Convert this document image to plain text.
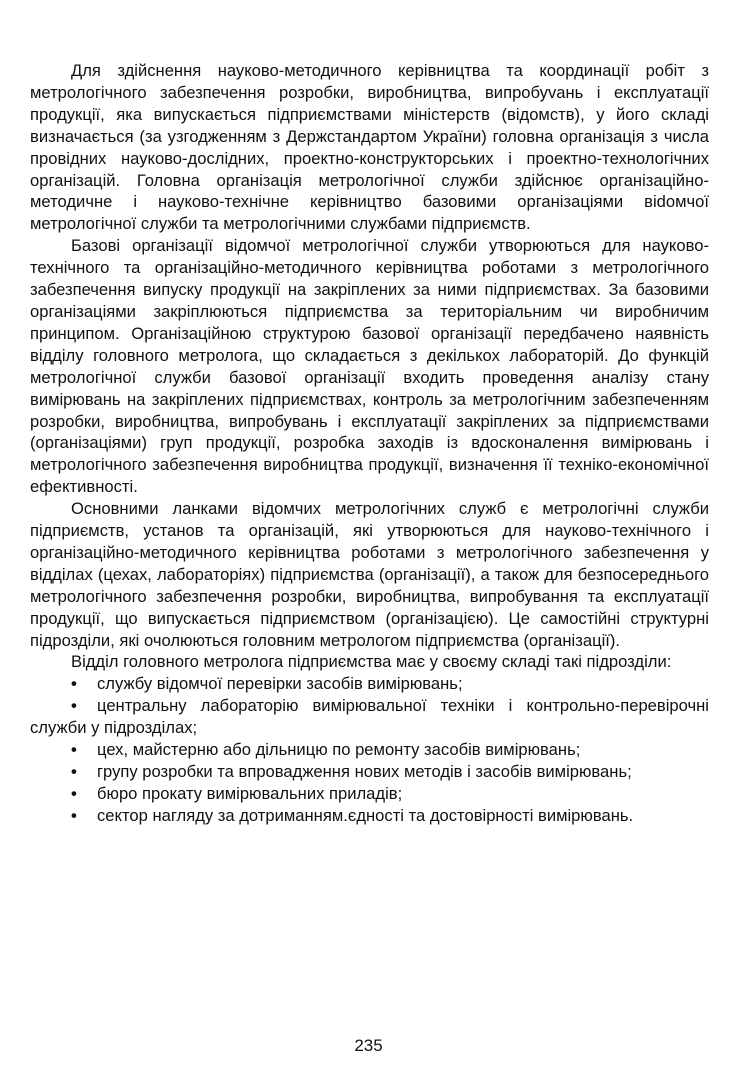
Для здійснення науково-методичного керівництва та координації робіт з метрологічного забезпечення розробки, виробництва, випробуvань і експлуатації продукції, яка випускається підприємствами міністерств (відомств), у його складі визначається (за узгодженням з Держстандартом України) головна організація з числа провідних науково-дослідних, проектно-конструкторських і проектно-технологічних організацій. Головна організація метрологічної служби здійснює організаційно-методичне і науково-технічне керівництво базовими організаціями віdомчої метрологічної служби та метрологічними службами підприємств.

Базові організації відомчої метрологічної служби утворюються для науково-технічного та організаційно-методичного керівництва роботами з метрологічного забезпечення випуску продукції на закріплених за ними підприємствах. За базовими організаціями закріплюються підприємства за територіальним чи виробничим принципом. Організаційною структурою базової організації передбачено наявність відділу головного метролога, що складається з декількох лабораторій. До функцій метрологічної служби базової організації входить проведення аналізу стану вимірювань на закріплених підприємствах, контроль за метрологічним забезпеченням розробки, виробництва, випробувань і експлуатації закріплених за підприємствами (організаціями) груп продукції, розробка заходів із вдосконалення вимірювань і метрологічного забезпечення виробництва продукції, визначення її техніко-економічної ефективності.

Основними ланками відомчих метрологічних служб є метрологічні служби підприємств, установ та організацій, які утворюються для науково-технічного і організаційно-методичного керівництва роботами з метрологічного забезпечення у відділах (цехах, лабораторіях) підприємства (організації), а також для безпосереднього метрологічного забезпечення розробки, виробництва, випробування та експлуатації продукції, що випускається підприємством (організацією). Це самостійні структурні підрозділи, які очолюються головним метрологом підприємства (організації).

Відділ головного метролога підприємства має у своєму складі такі підрозділи:

• службу відомчої перевірки засобів вимірювань;
• центральну лабораторію вимірювальної техніки і контрольно-перевірочні служби у підрозділах;
• цех, майстерню або дільницю по ремонту засобів вимірювань;
• групу розробки та впровадження нових методів і засобів вимірювань;
• бюро прокату вимірювальних приладів;
• сектор нагляду за дотриманням.єдності та достовірності вимірювань.
235
